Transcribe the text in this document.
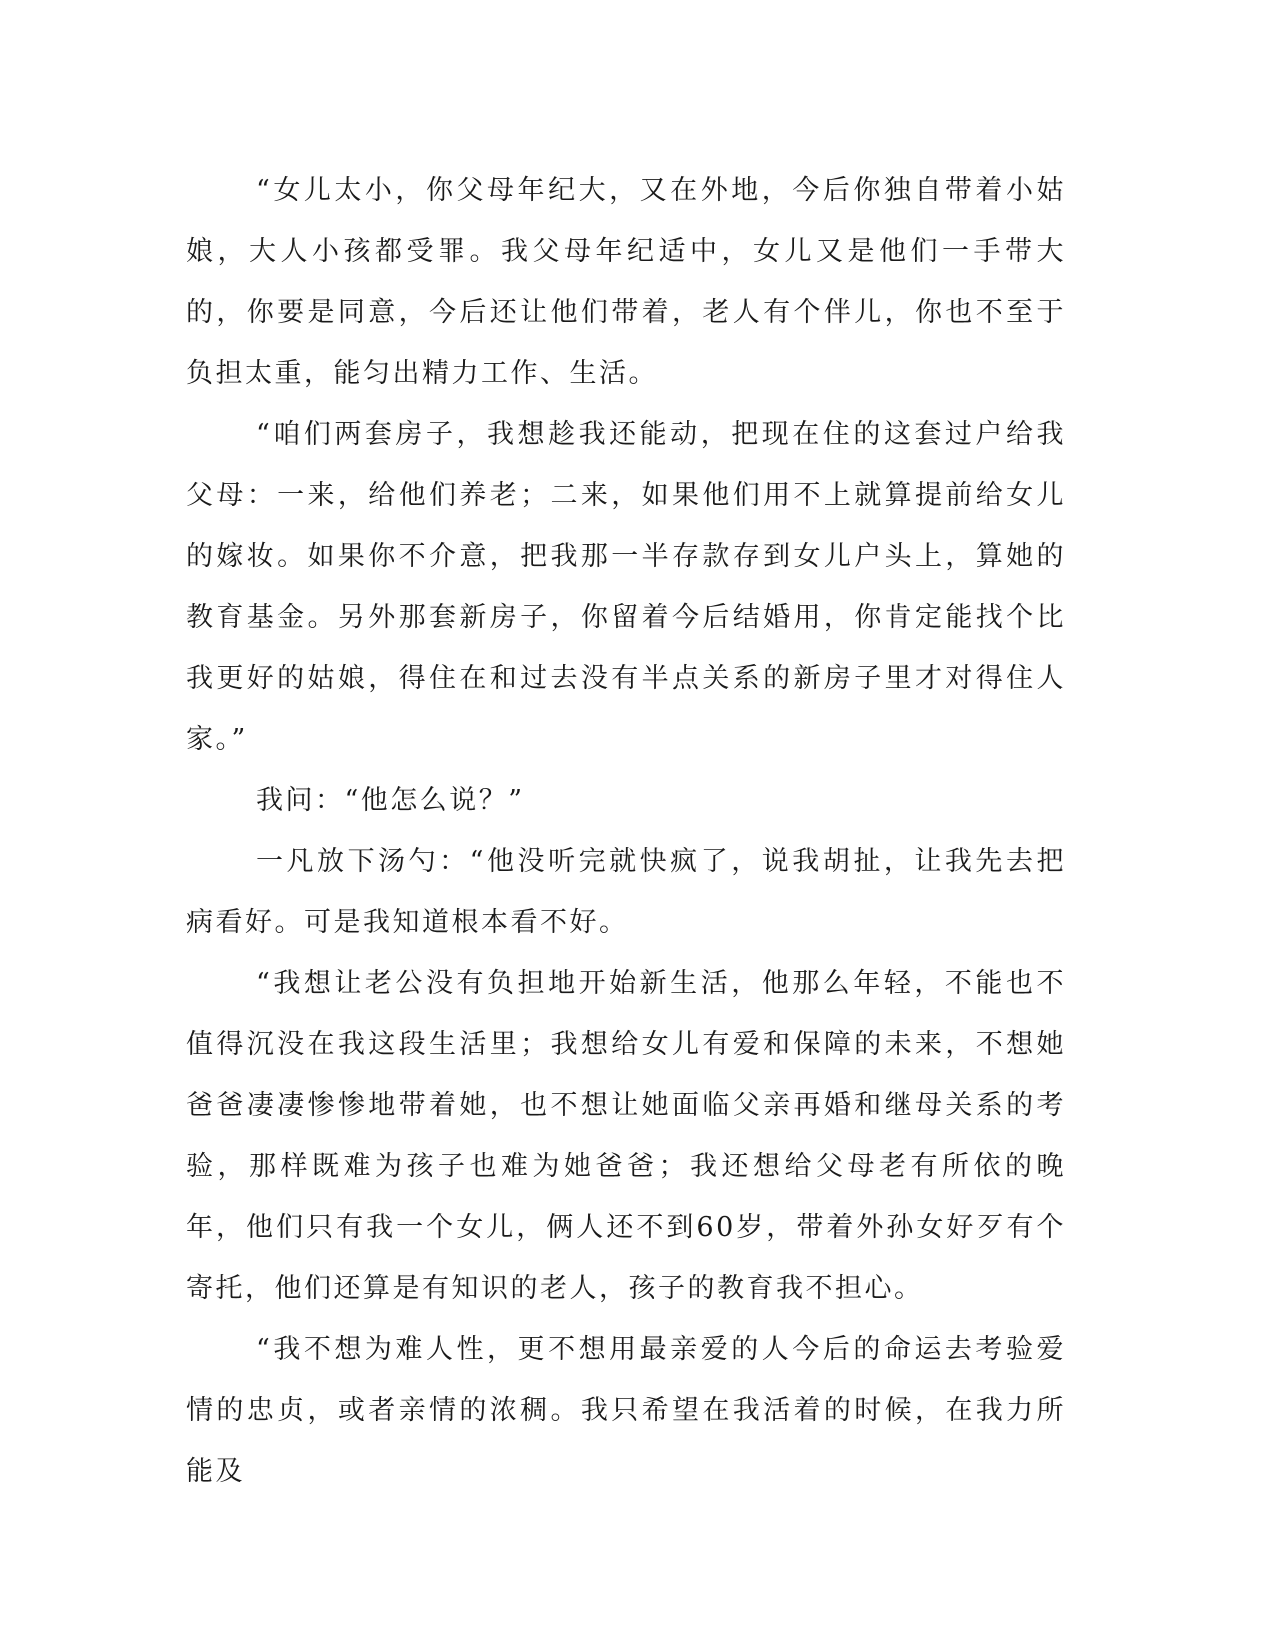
“女儿太小，你父母年纪大，又在外地，今后你独自带着小姑娘，大人小孩都受罪。我父母年纪适中，女儿又是他们一手带大的，你要是同意，今后还让他们带着，老人有个伴儿，你也不至于负担太重，能匀出精力工作、生活。

“咱们两套房子，我想趁我还能动，把现在住的这套过户给我父母：一来，给他们养老；二来，如果他们用不上就算提前给女儿的嫁妆。如果你不介意，把我那一半存款存到女儿户头上，算她的教育基金。另外那套新房子，你留着今后结婚用，你肯定能找个比我更好的姑娘，得住在和过去没有半点关系的新房子里才对得住人家。”

我问：“他怎么说？”

一凡放下汤勺：“他没听完就快疯了，说我胡扯，让我先去把病看好。可是我知道根本看不好。

“我想让老公没有负担地开始新生活，他那么年轻，不能也不值得沉没在我这段生活里；我想给女儿有爱和保障的未来，不想她爸爸凄凄惨惨地带着她，也不想让她面临父亲再婚和继母关系的考验，那样既难为孩子也难为她爸爸；我还想给父母老有所依的晚年，他们只有我一个女儿，俩人还不到60岁，带着外孙女好歹有个寄托，他们还算是有知识的老人，孩子的教育我不担心。

“我不想为难人性，更不想用最亲爱的人今后的命运去考验爱情的忠贞，或者亲情的浓稠。我只希望在我活着的时候，在我力所能及
